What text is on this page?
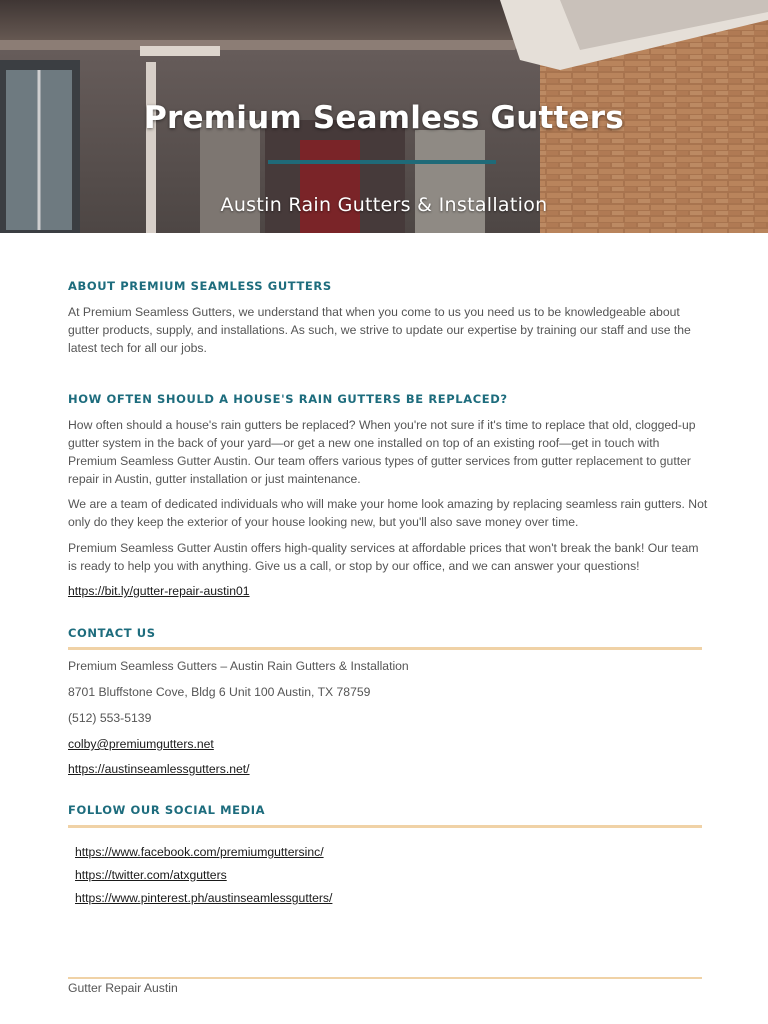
Premium Seamless Gutters
Austin Rain Gutters & Installation
ABOUT PREMIUM SEAMLESS GUTTERS

At Premium Seamless Gutters, we understand that when you come to us you need us to be knowledgeable about gutter products, supply, and installations. As such, we strive to update our expertise by training our staff and use the latest tech for all our jobs.

HOW OFTEN SHOULD A HOUSE'S RAIN GUTTERS BE REPLACED?

How often should a house's rain gutters be replaced? When you're not sure if it's time to replace that old, clogged-up gutter system in the back of your yard—or get a new one installed on top of an existing roof—get in touch with Premium Seamless Gutter Austin. Our team offers various types of gutter services from gutter replacement to gutter repair in Austin, gutter installation or just maintenance.

We are a team of dedicated individuals who will make your home look amazing by replacing seamless rain gutters. Not only do they keep the exterior of your house looking new, but you'll also save money over time.

Premium Seamless Gutter Austin offers high-quality services at affordable prices that won't break the bank! Our team is ready to help you with anything. Give us a call, or stop by our office, and we can answer your questions!

https://bit.ly/gutter-repair-austin01
CONTACT US
Premium Seamless Gutters – Austin Rain Gutters & Installation
8701 Bluffstone Cove, Bldg 6 Unit 100 Austin, TX 78759
(512) 553-5139
colby@premiumgutters.net
https://austinseamlessgutters.net/
FOLLOW OUR SOCIAL MEDIA
https://www.facebook.com/premiumguttersinc/
https://twitter.com/atxgutters
https://www.pinterest.ph/austinseamlessgutters/
Gutter Repair Austin
